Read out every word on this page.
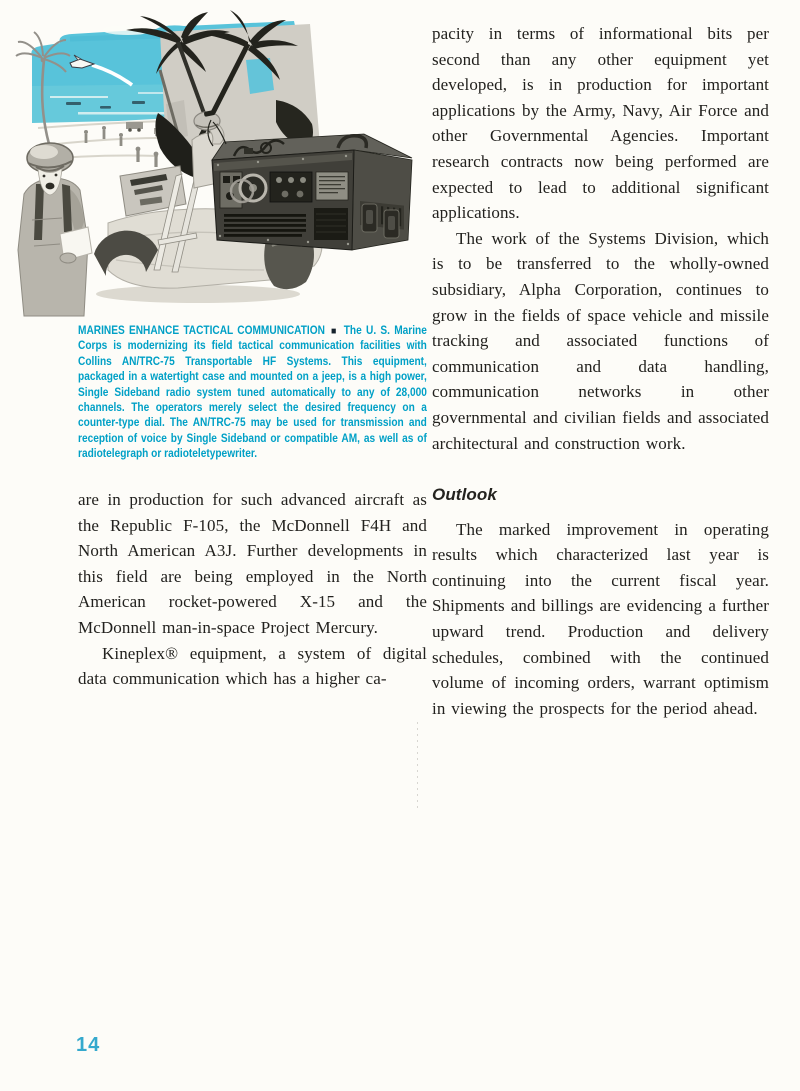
MARINES ENHANCE TACTICAL COMMUNICATION ■ The U. S. Marine Corps is modernizing its field tactical communication facilities with Collins AN/TRC-75 Transportable HF Systems. This equipment, packaged in a watertight case and mounted on a jeep, is a high power, Single Sideband radio system tuned automatically to any of 28,000 channels. The operators merely select the desired frequency on a counter-type dial. The AN/TRC-75 may be used for transmission and reception of voice by Single Sideband or compatible AM, as well as of radiotelegraph or radioteletypewriter.

are in production for such advanced aircraft as the Republic F-105, the McDonnell F4H and North American A3J. Further developments in this field are being employed in the North American rocket-powered X-15 and the McDonnell man-in-space Project Mercury.

Kineplex® equipment, a system of digital data communication which has a higher ca-

pacity in terms of informational bits per second than any other equipment yet developed, is in production for important applications by the Army, Navy, Air Force and other Governmental Agencies. Important research contracts now being performed are expected to lead to additional significant applications.

The work of the Systems Division, which is to be transferred to the wholly-owned subsidiary, Alpha Corporation, continues to grow in the fields of space vehicle and missile tracking and associated functions of communication and data handling, communication networks in other governmental and civilian fields and associated architectural and construction work.

Outlook

The marked improvement in operating results which characterized last year is continuing into the current fiscal year. Shipments and billings are evidencing a further upward trend. Production and delivery schedules, combined with the continued volume of incoming orders, warrant optimism in viewing the prospects for the period ahead.

14
